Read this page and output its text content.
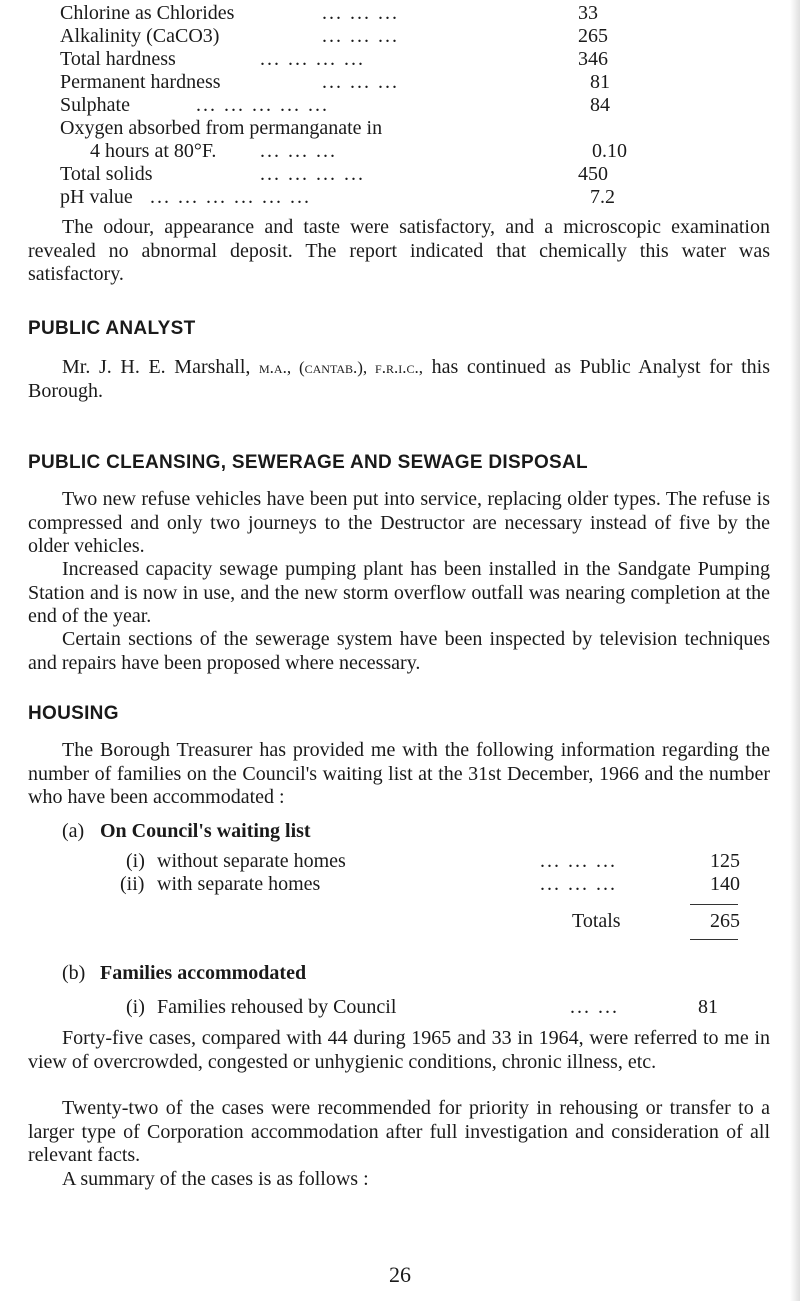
Chlorine as Chlorides	... ... ...	33
Alkalinity (CaCO3)	... ... ...	265
Total hardness	... ... ... ...	346
Permanent hardness	... ... ...	81
Sulphate	... ... ... ... ...	84
Oxygen absorbed from permanganate in
4 hours at 80°F. ... ... ...	0.10
Total solids	... ... ... ...	450
pH value ... ... ... ... ... ...	7.2
The odour, appearance and taste were satisfactory, and a microscopic examination revealed no abnormal deposit. The report indicated that chemically this water was satisfactory.
PUBLIC ANALYST
Mr. J. H. E. Marshall, m.a., (cantab.), f.r.i.c., has continued as Public Analyst for this Borough.
PUBLIC CLEANSING, SEWERAGE AND SEWAGE DISPOSAL
Two new refuse vehicles have been put into service, replacing older types. The refuse is compressed and only two journeys to the Destructor are necessary instead of five by the older vehicles.
Increased capacity sewage pumping plant has been installed in the Sandgate Pumping Station and is now in use, and the new storm overflow outfall was nearing completion at the end of the year.
Certain sections of the sewerage system have been inspected by television techniques and repairs have been proposed where necessary.
HOUSING
The Borough Treasurer has provided me with the following information regarding the number of families on the Council's waiting list at the 31st December, 1966 and the number who have been accommodated :
(a) On Council's waiting list
(i) without separate homes	... ... ...	125
(ii) with separate homes	... ... ...	140
Totals	265
(b) Families accommodated
(i) Families rehoused by Council	... ...	81
Forty-five cases, compared with 44 during 1965 and 33 in 1964, were referred to me in view of overcrowded, congested or unhygienic conditions, chronic illness, etc.
Twenty-two of the cases were recommended for priority in rehousing or transfer to a larger type of Corporation accommodation after full investigation and consideration of all relevant facts.
A summary of the cases is as follows :
26
